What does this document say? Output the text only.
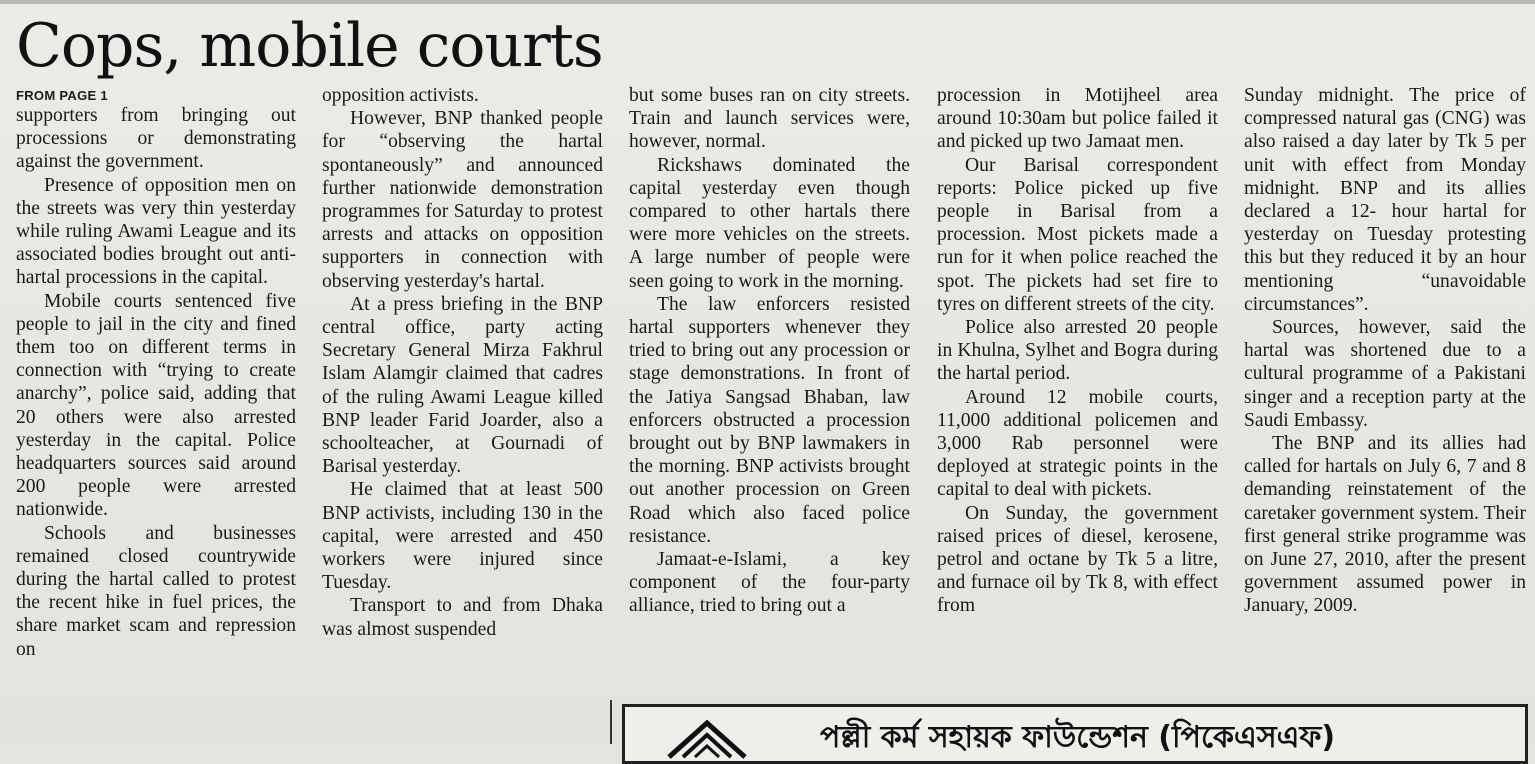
Cops, mobile courts
FROM PAGE 1

supporters from bringing out processions or demonstrating against the government.

Presence of opposition men on the streets was very thin yesterday while ruling Awami League and its associated bodies brought out anti-hartal processions in the capital.

Mobile courts sentenced five people to jail in the city and fined them too on different terms in connection with “trying to create anarchy”, police said, adding that 20 others were also arrested yesterday in the capital. Police headquarters sources said around 200 people were arrested nationwide.

Schools and businesses remained closed countrywide during the hartal called to protest the recent hike in fuel prices, the share market scam and repression on

opposition activists.

However, BNP thanked people for “observing the hartal spontaneously” and announced further nationwide demonstration programmes for Saturday to protest arrests and attacks on opposition supporters in connection with observing yesterday's hartal.

At a press briefing in the BNP central office, party acting Secretary General Mirza Fakhrul Islam Alamgir claimed that cadres of the ruling Awami League killed BNP leader Farid Joarder, also a schoolteacher, at Gournadi of Barisal yesterday.

He claimed that at least 500 BNP activists, including 130 in the capital, were arrested and 450 workers were injured since Tuesday.

Transport to and from Dhaka was almost suspended

but some buses ran on city streets. Train and launch services were, however, normal.

Rickshaws dominated the capital yesterday even though compared to other hartals there were more vehicles on the streets. A large number of people were seen going to work in the morning.

The law enforcers resisted hartal supporters whenever they tried to bring out any procession or stage demonstrations. In front of the Jatiya Sangsad Bhaban, law enforcers obstructed a procession brought out by BNP lawmakers in the morning. BNP activists brought out another procession on Green Road which also faced police resistance.

Jamaat-e-Islami, a key component of the four-party alliance, tried to bring out a

procession in Motijheel area around 10:30am but police failed it and picked up two Jamaat men.

Our Barisal correspondent reports: Police picked up five people in Barisal from a procession. Most pickets made a run for it when police reached the spot. The pickets had set fire to tyres on different streets of the city.

Police also arrested 20 people in Khulna, Sylhet and Bogra during the hartal period.

Around 12 mobile courts, 11,000 additional policemen and 3,000 Rab personnel were deployed at strategic points in the capital to deal with pickets.

On Sunday, the government raised prices of diesel, kerosene, petrol and octane by Tk 5 a litre, and furnace oil by Tk 8, with effect from

Sunday midnight. The price of compressed natural gas (CNG) was also raised a day later by Tk 5 per unit with effect from Monday midnight. BNP and its allies declared a 12- hour hartal for yesterday on Tuesday protesting this but they reduced it by an hour mentioning “unavoidable circumstances”.

Sources, however, said the hartal was shortened due to a cultural programme of a Pakistani singer and a reception party at the Saudi Embassy.

The BNP and its allies had called for hartals on July 6, 7 and 8 demanding reinstatement of the caretaker government system. Their first general strike programme was on June 27, 2010, after the present government assumed power in January, 2009.

পল্লী কর্ম সহায়ক ফাউন্ডেশন (পিকেএসএফ)
